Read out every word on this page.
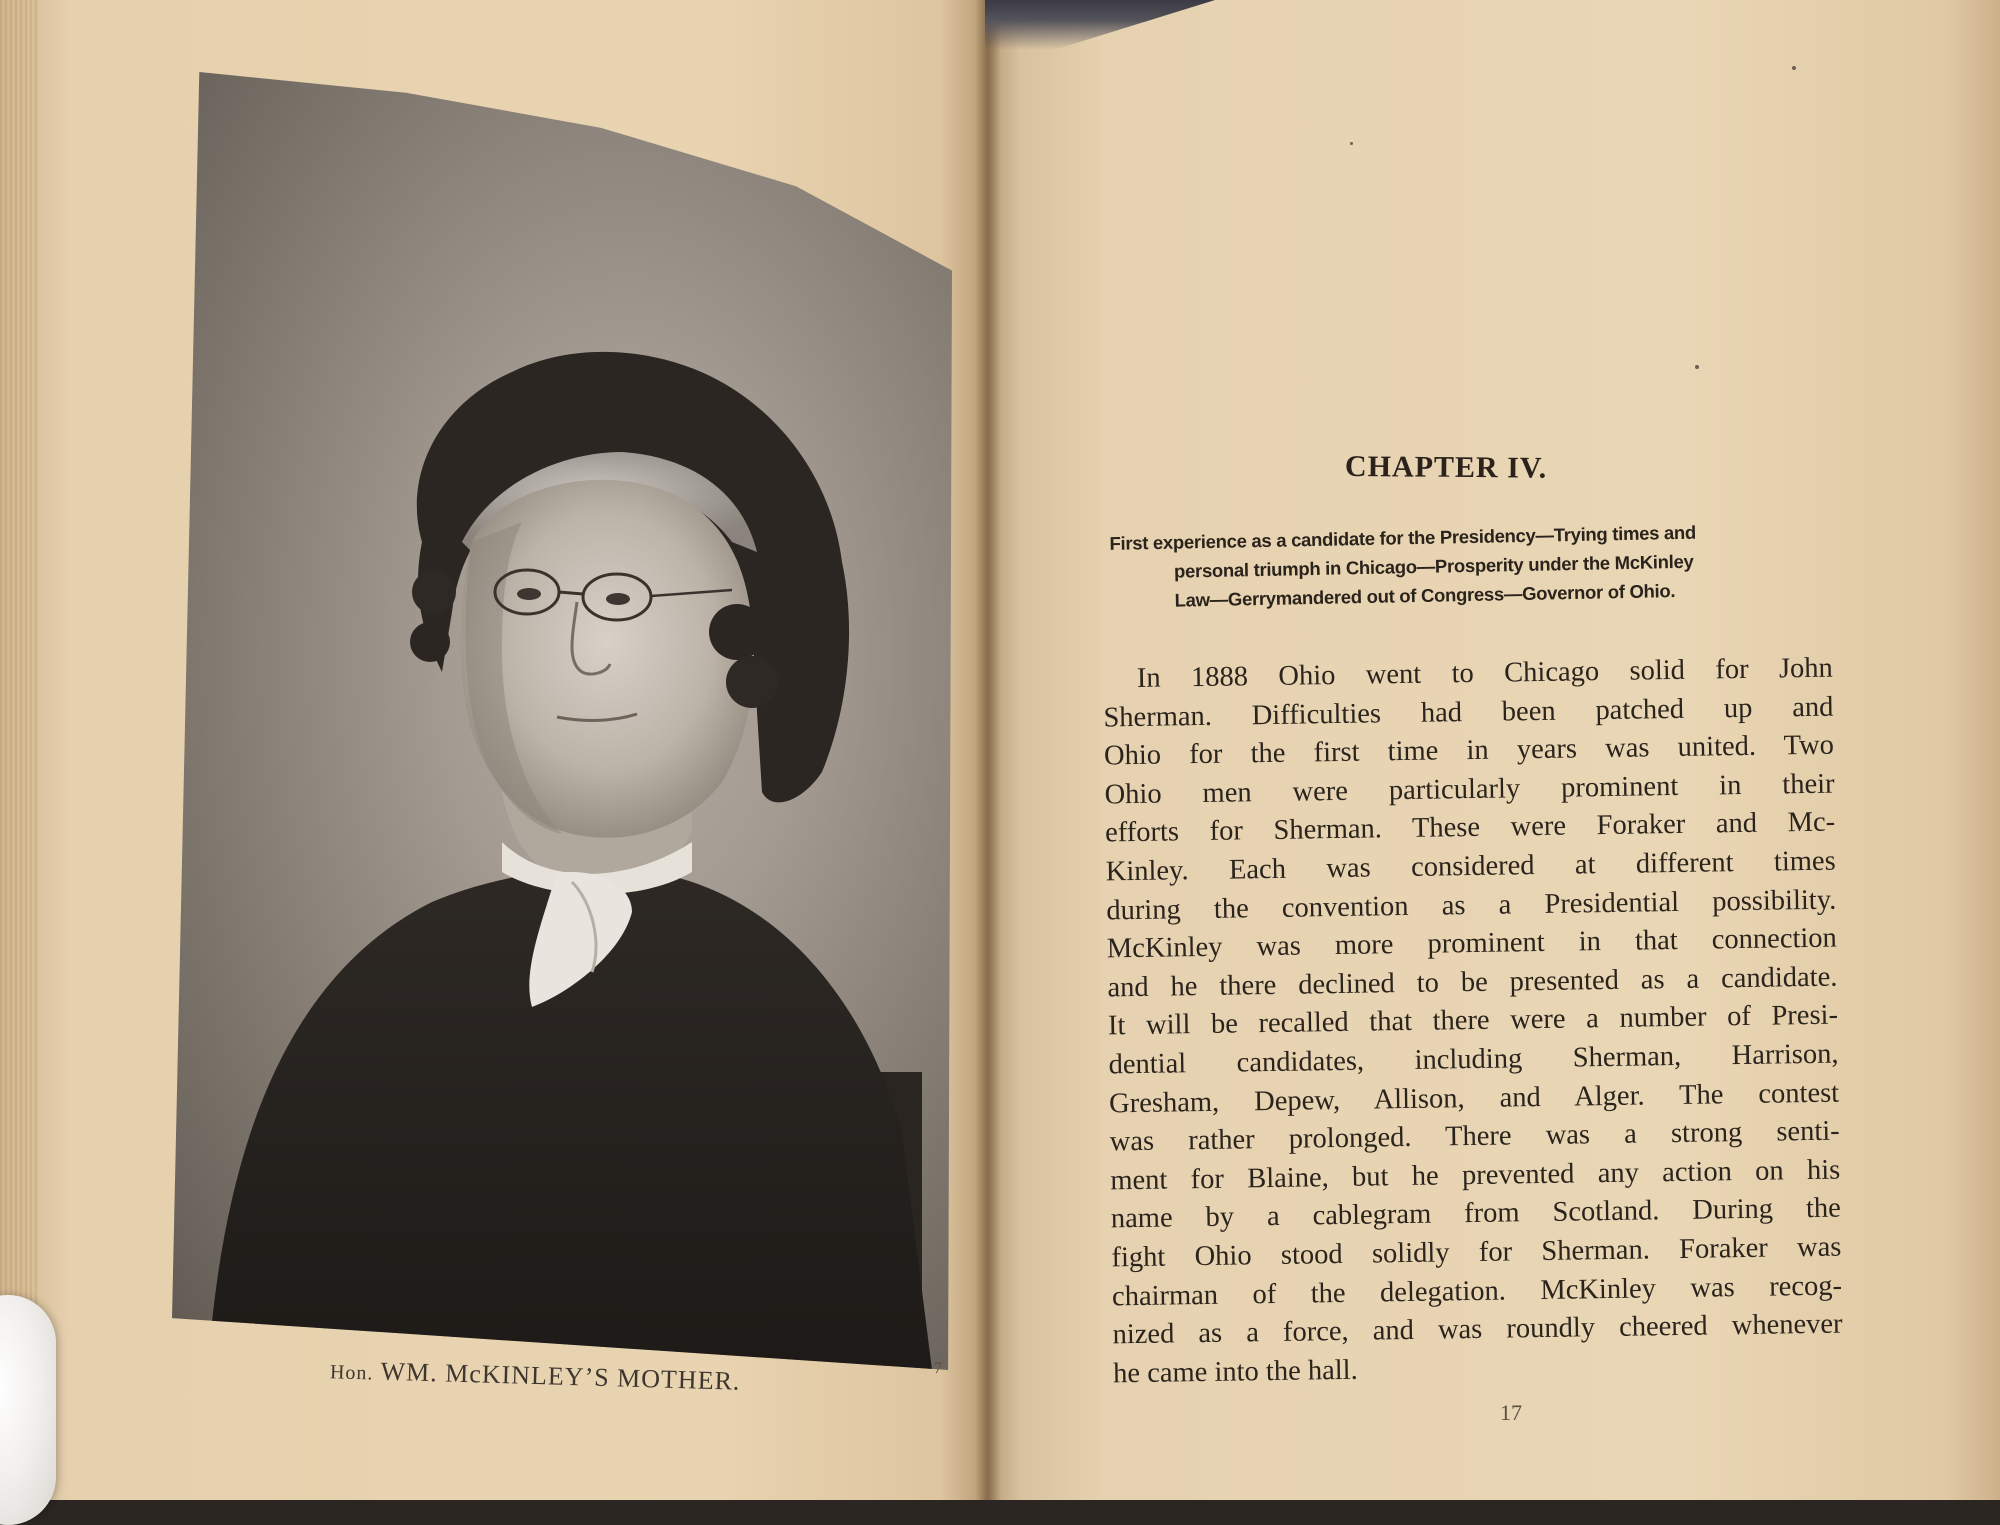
Hon. WM. McKINLEY’S MOTHER.	7
CHAPTER IV.
First experience as a candidate for the Presidency—Trying times and
personal triumph in Chicago—Prosperity under the McKinley
Law—Gerrymandered out of Congress—Governor of Ohio.
In 1888 Ohio went to Chicago solid for John
Sherman. Difficulties had been patched up and
Ohio for the first time in years was united. Two
Ohio men were particularly prominent in their
efforts for Sherman. These were Foraker and Mc-
Kinley. Each was considered at different times
during the convention as a Presidential possibility.
McKinley was more prominent in that connection
and he there declined to be presented as a candidate.
It will be recalled that there were a number of Presi-
dential candidates, including Sherman, Harrison,
Gresham, Depew, Allison, and Alger. The contest
was rather prolonged. There was a strong senti-
ment for Blaine, but he prevented any action on his
name by a cablegram from Scotland. During the
fight Ohio stood solidly for Sherman. Foraker was
chairman of the delegation. McKinley was recog-
nized as a force, and was roundly cheered whenever
he came into the hall.
17
